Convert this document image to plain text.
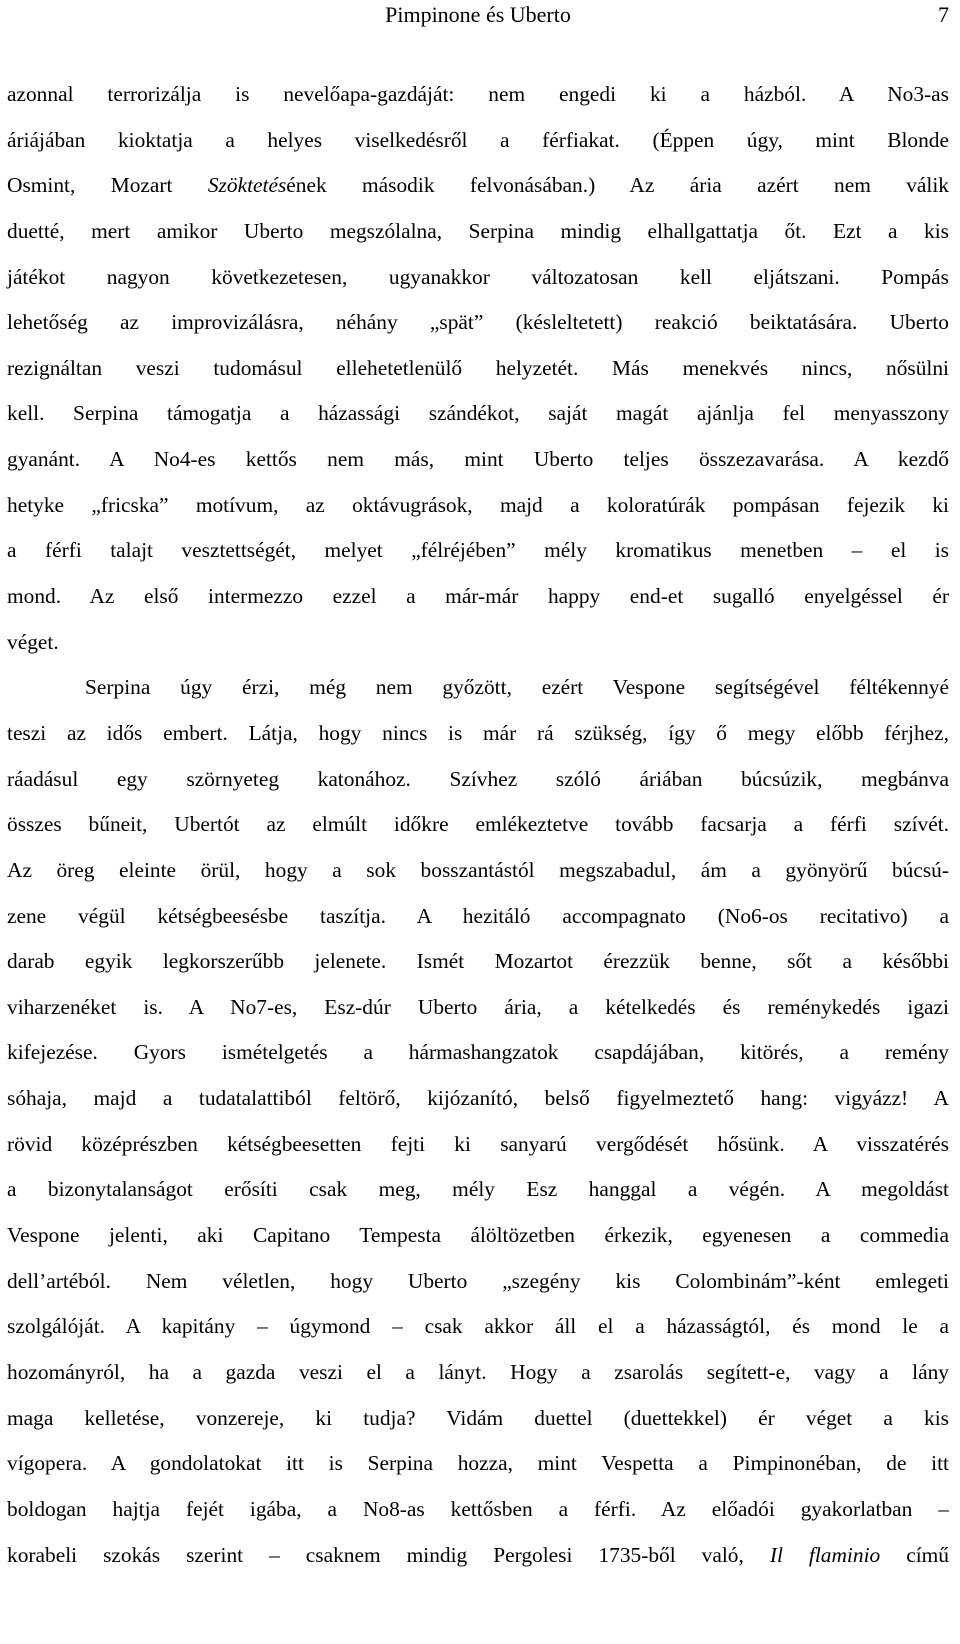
Pimpinone és Uberto	7
azonnal terrorizálja is nevelőapa-gazdáját: nem engedi ki a házból. A No3-as
áriájában kioktatja a helyes viselkedésről a férfiakat. (Éppen úgy, mint Blonde
Osmint, Mozart Szöktetésének második felvonásában.) Az ária azért nem válik
duetté, mert amikor Uberto megszólalna, Serpina mindig elhallgattatja őt. Ezt a kis
játékot nagyon következetesen, ugyanakkor változatosan kell eljátszani. Pompás
lehetőség az improvizálásra, néhány „spät” (késleltetett) reakció beiktatására. Uberto
rezignáltan veszi tudomásul ellehetetlenülő helyzetét. Más menekvés nincs, nősülni
kell. Serpina támogatja a házassági szándékot, saját magát ajánlja fel menyasszony
gyanánt. A No4-es kettős nem más, mint Uberto teljes összezavarása. A kezdő
hetyke „fricska” motívum, az oktávugrások, majd a koloratúrák pompásan fejezik ki
a férfi talajt vesztettségét, melyet „félréjében” mély kromatikus menetben – el is
mond. Az első intermezzo ezzel a már-már happy end-et sugalló enyelgéssel ér
véget.
Serpina úgy érzi, még nem győzött, ezért Vespone segítségével féltékennyé
teszi az idős embert. Látja, hogy nincs is már rá szükség, így ő megy előbb férjhez,
ráadásul egy szörnyeteg katonához. Szívhez szóló áriában búcsúzik, megbánva
összes bűneit, Ubertót az elmúlt időkre emlékeztetve tovább facsarja a férfi szívét.
Az öreg eleinte örül, hogy a sok bosszantástól megszabadul, ám a gyönyörű búcsú-
zene végül kétségbeesésbe taszítja. A hezitáló accompagnato (No6-os recitativo) a
darab egyik legkorszerűbb jelenete. Ismét Mozartot érezzük benne, sőt a későbbi
viharzenéket is. A No7-es, Esz-dúr Uberto ária, a kételkedés és reménykedés igazi
kifejezése. Gyors ismételgetés a hármashangzatok csapdájában, kitörés, a remény
sóhaja, majd a tudatalattiból feltörő, kijózanító, belső figyelmeztető hang: vigyázz! A
rövid középrészben kétségbeesetten fejti ki sanyarú vergődését hősünk. A visszatérés
a bizonytalanságot erősíti csak meg, mély Esz hanggal a végén. A megoldást
Vespone jelenti, aki Capitano Tempesta álöltözetben érkezik, egyenesen a commedia
dell’artéból. Nem véletlen, hogy Uberto „szegény kis Colombinám”-ként emlegeti
szolgálóját. A kapitány – úgymond – csak akkor áll el a házasságtól, és mond le a
hozományról, ha a gazda veszi el a lányt. Hogy a zsarolás segített-e, vagy a lány
maga kelletése, vonzereje, ki tudja? Vidám duettel (duettekkel) ér véget a kis
vígopera. A gondolatokat itt is Serpina hozza, mint Vespetta a Pimpinonéban, de itt
boldogan hajtja fejét igába, a No8-as kettősben a férfi. Az előadói gyakorlatban –
korabeli szokás szerint – csaknem mindig Pergolesi 1735-ből való, Il flaminio című
